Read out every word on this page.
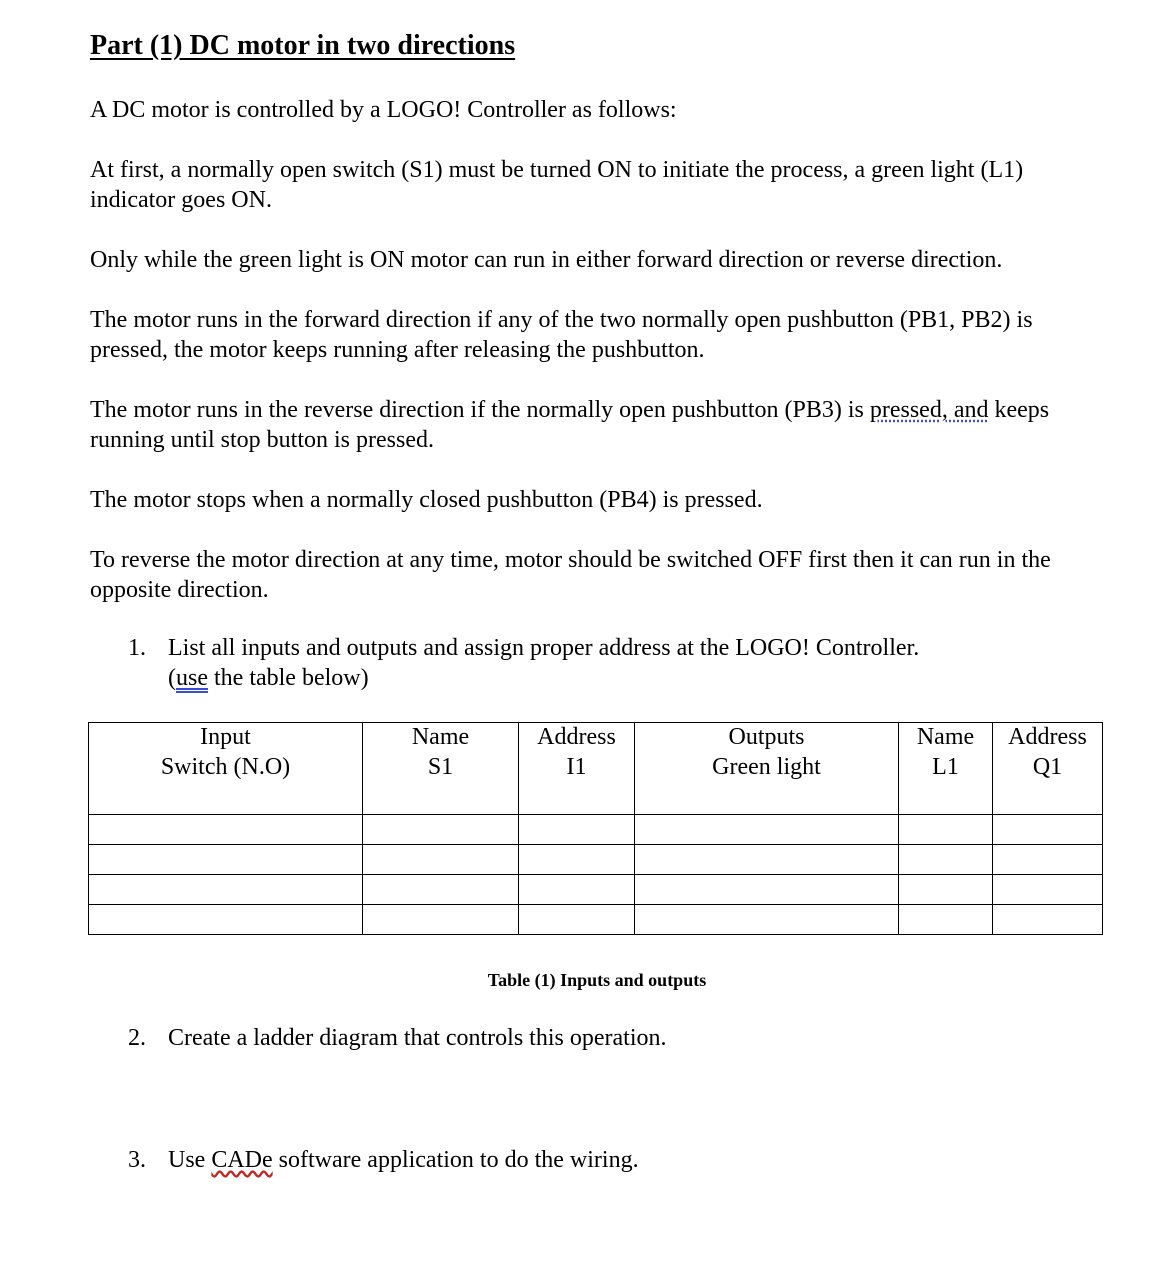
Part (1) DC motor in two directions
A DC motor is controlled by a LOGO! Controller as follows:
At first, a normally open switch (S1) must be turned ON to initiate the process, a green light (L1) indicator goes ON.
Only while the green light is ON motor can run in either forward direction or reverse direction.
The motor runs in the forward direction if any of the two normally open pushbutton (PB1, PB2) is pressed, the motor keeps running after releasing the pushbutton.
The motor runs in the reverse direction if the normally open pushbutton (PB3) is pressed, and keeps running until stop button is pressed.
The motor stops when a normally closed pushbutton (PB4) is pressed.
To reverse the motor direction at any time, motor should be switched OFF first then it can run in the opposite direction.
1. List all inputs and outputs and assign proper address at the LOGO! Controller.
(use the table below)
Input	Name	Address	Outputs	Name	Address
Switch (N.O)	S1	I1	Green light	L1	Q1

Table (1) Inputs and outputs
2. Create a ladder diagram that controls this operation.
3. Use CADe software application to do the wiring.
